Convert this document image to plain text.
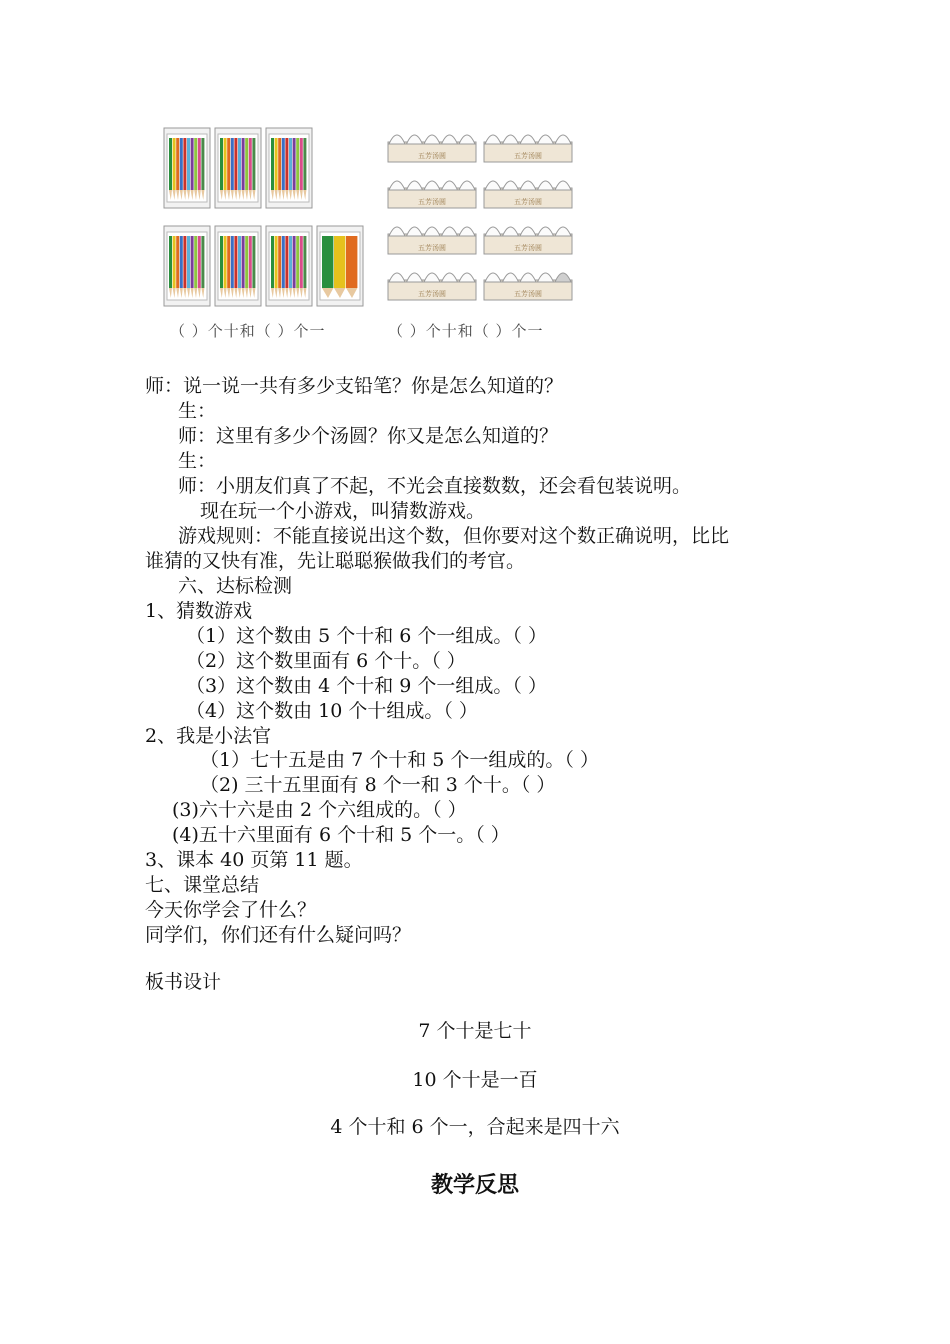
五芳汤圆	五芳汤圆
五芳汤圆	五芳汤圆
五芳汤圆	五芳汤圆
五芳汤圆	五芳汤圆
（ ）个十和（ ）个一	（ ）个十和（ ）个一
师：说一说一共有多少支铅笔？你是怎么知道的？
生：
师：这里有多少个汤圆？你又是怎么知道的？
生：
师：小朋友们真了不起，不光会直接数数，还会看包装说明。
现在玩一个小游戏，叫猜数游戏。
游戏规则：不能直接说出这个数，但你要对这个数正确说明，比比
谁猜的又快有准，先让聪聪猴做我们的考官。
六、达标检测
1、猜数游戏
（1）这个数由 5 个十和 6 个一组成。（ ）
（2）这个数里面有 6 个十。（ ）
（3）这个数由 4 个十和 9 个一组成。（ ）
（4）这个数由 10 个十组成。（ ）
2、我是小法官
（1）七十五是由 7 个十和 5 个一组成的。（ ）
（2) 三十五里面有 8 个一和 3 个十。（ ）
(3)六十六是由 2 个六组成的。（ ）
(4)五十六里面有 6 个十和 5 个一。（ ）
3、课本 40 页第 11 题。
七、课堂总结
今天你学会了什么？
同学们，你们还有什么疑问吗？
板书设计
7 个十是七十
10 个十是一百
4 个十和 6 个一，合起来是四十六
教学反思
